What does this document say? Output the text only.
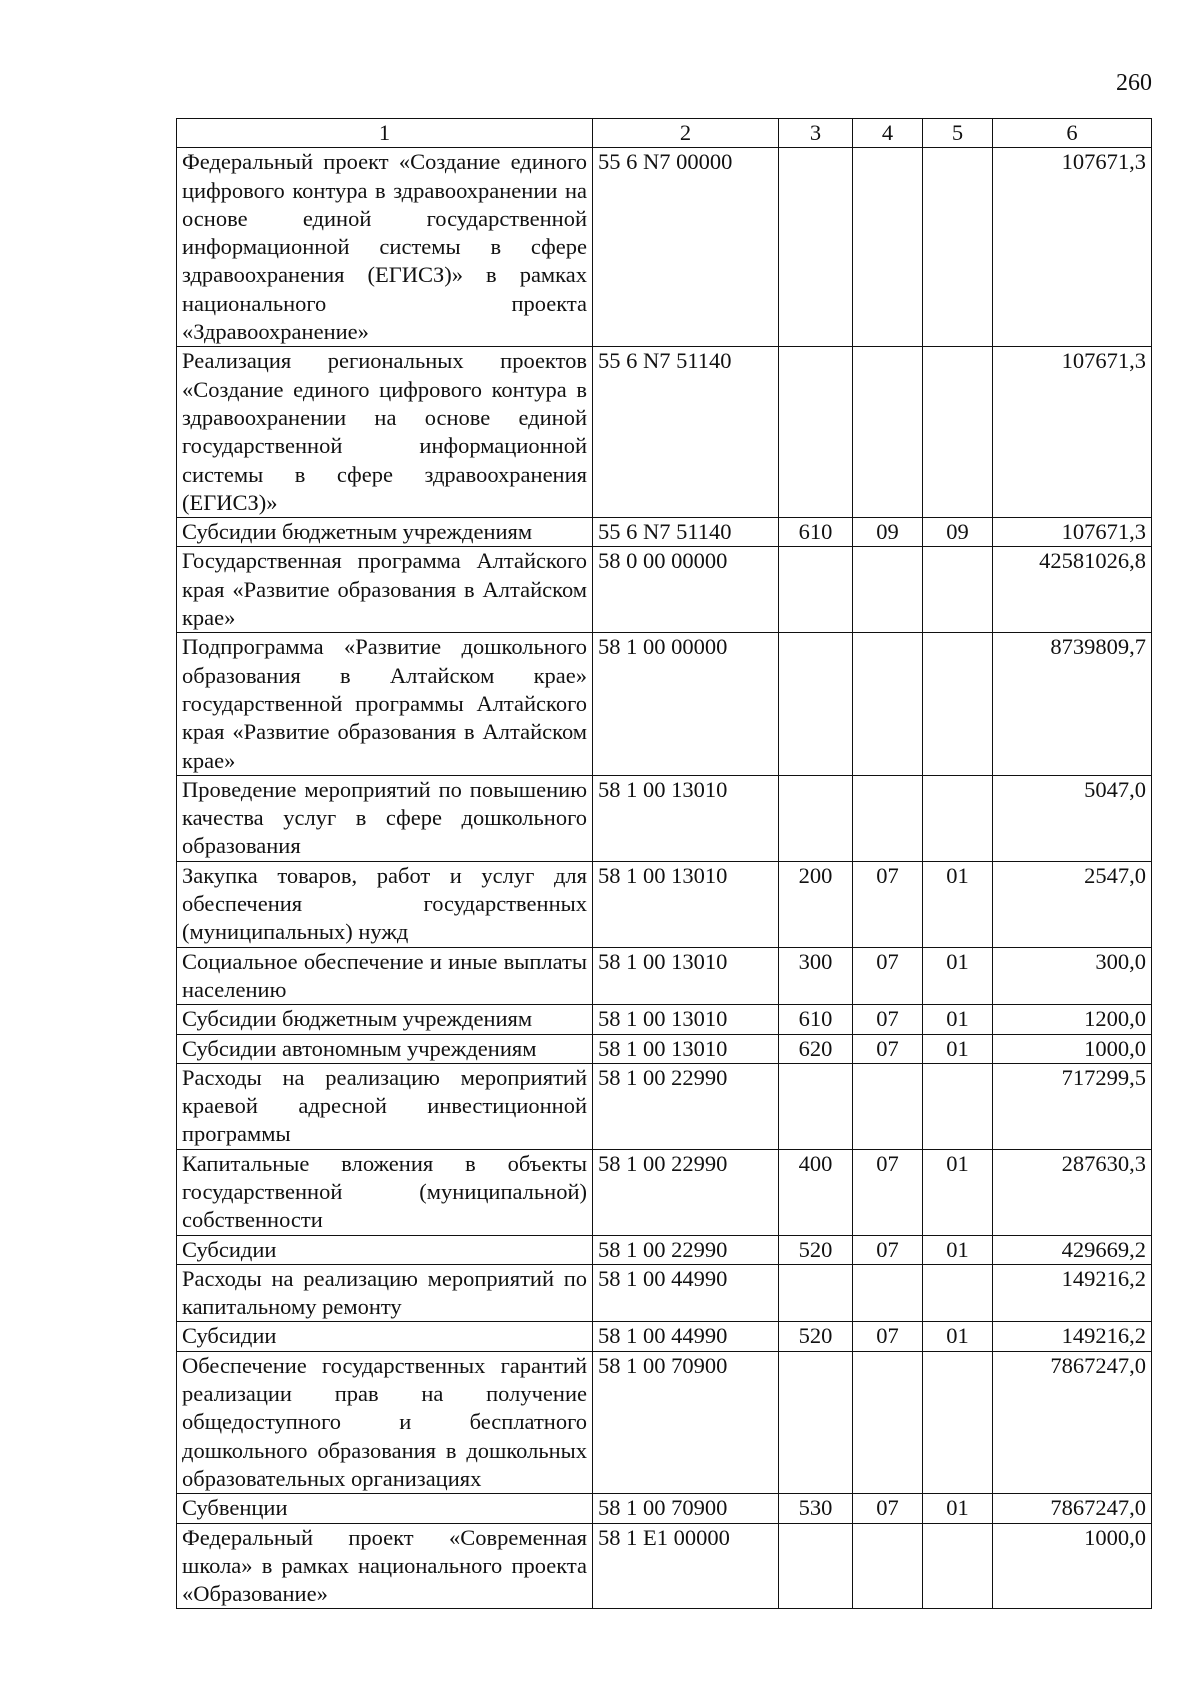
260
1	2	3	4	5	6
Федеральный проект «Создание единого цифрового контура в здравоохранении на основе единой государственной информационной системы в сфере здравоохранения (ЕГИСЗ)» в рамках национального проекта «Здравоохранение»	55 6 N7 00000				107671,3
Реализация региональных проектов «Создание единого цифрового контура в здравоохранении на основе единой государственной информационной системы в сфере здравоохранения (ЕГИСЗ)»	55 6 N7 51140				107671,3
Субсидии бюджетным учреждениям	55 6 N7 51140	610	09	09	107671,3
Государственная программа Алтайского края «Развитие образования в Алтайском крае»	58 0 00 00000				42581026,8
Подпрограмма «Развитие дошкольного образования в Алтайском крае» государственной программы Алтайского края «Развитие образования в Алтайском крае»	58 1 00 00000				8739809,7
Проведение мероприятий по повышению качества услуг в сфере дошкольного образования	58 1 00 13010				5047,0
Закупка товаров, работ и услуг для обеспечения государственных (муниципальных) нужд	58 1 00 13010	200	07	01	2547,0
Социальное обеспечение и иные выплаты населению	58 1 00 13010	300	07	01	300,0
Субсидии бюджетным учреждениям	58 1 00 13010	610	07	01	1200,0
Субсидии автономным учреждениям	58 1 00 13010	620	07	01	1000,0
Расходы на реализацию мероприятий краевой адресной инвестиционной программы	58 1 00 22990				717299,5
Капитальные вложения в объекты государственной (муниципальной) собственности	58 1 00 22990	400	07	01	287630,3
Субсидии	58 1 00 22990	520	07	01	429669,2
Расходы на реализацию мероприятий по капитальному ремонту	58 1 00 44990				149216,2
Субсидии	58 1 00 44990	520	07	01	149216,2
Обеспечение государственных гарантий реализации прав на получение общедоступного и бесплатного дошкольного образования в дошкольных образовательных организациях	58 1 00 70900				7867247,0
Субвенции	58 1 00 70900	530	07	01	7867247,0
Федеральный проект «Современная школа» в рамках национального проекта «Образование»	58 1 E1 00000				1000,0
